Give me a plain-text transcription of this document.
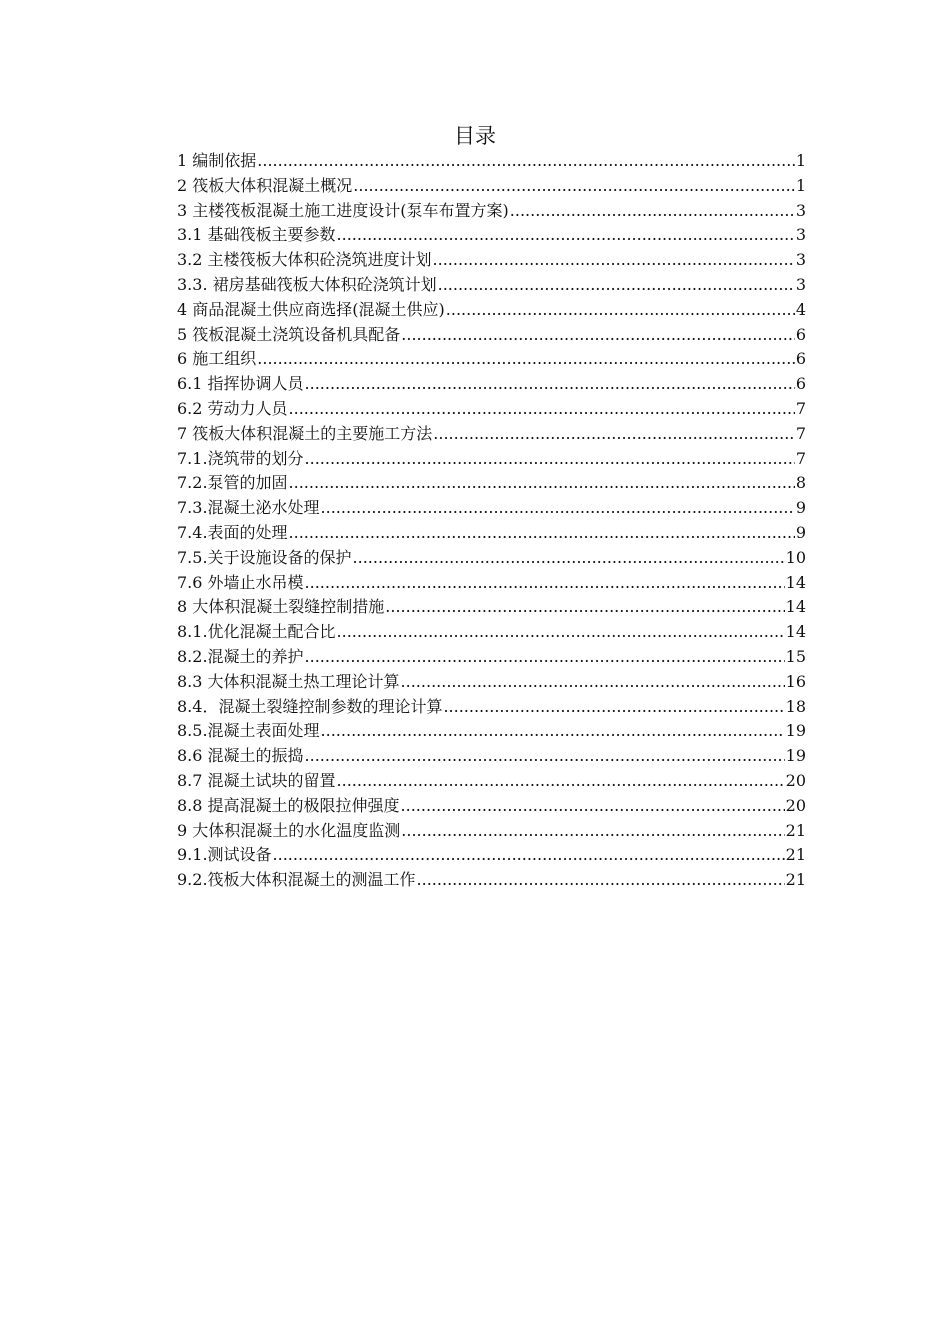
目录
1 编制依据 .....	1
2 筏板大体积混凝土概况 .....	1
3 主楼筏板混凝土施工进度设计(泵车布置方案) .....	3
3.1 基础筏板主要参数 .....	3
3.2 主楼筏板大体积砼浇筑进度计划 .....	3
3.3. 裙房基础筏板大体积砼浇筑计划 .....	3
4 商品混凝土供应商选择(混凝土供应) .....	4
5 筏板混凝土浇筑设备机具配备 .....	6
6 施工组织 .....	6
6.1 指挥协调人员 .....	6
6.2 劳动力人员 .....	7
7 筏板大体积混凝土的主要施工方法 .....	7
7.1.浇筑带的划分 .....	7
7.2.泵管的加固 .....	8
7.3.混凝土泌水处理 .....	9
7.4.表面的处理 .....	9
7.5.关于设施设备的保护 .....	10
7.6 外墙止水吊模 .....	14
8 大体积混凝土裂缝控制措施 .....	14
8.1.优化混凝土配合比 .....	14
8.2.混凝土的养护 .....	15
8.3 大体积混凝土热工理论计算 .....	16
8.4．混凝土裂缝控制参数的理论计算 .....	18
8.5.混凝土表面处理 .....	19
8.6 混凝土的振捣 .....	19
8.7 混凝土试块的留置 .....	20
8.8 提高混凝土的极限拉伸强度 .....	20
9 大体积混凝土的水化温度监测 .....	21
9.1.测试设备 .....	21
9.2.筏板大体积混凝土的测温工作 .....	21
